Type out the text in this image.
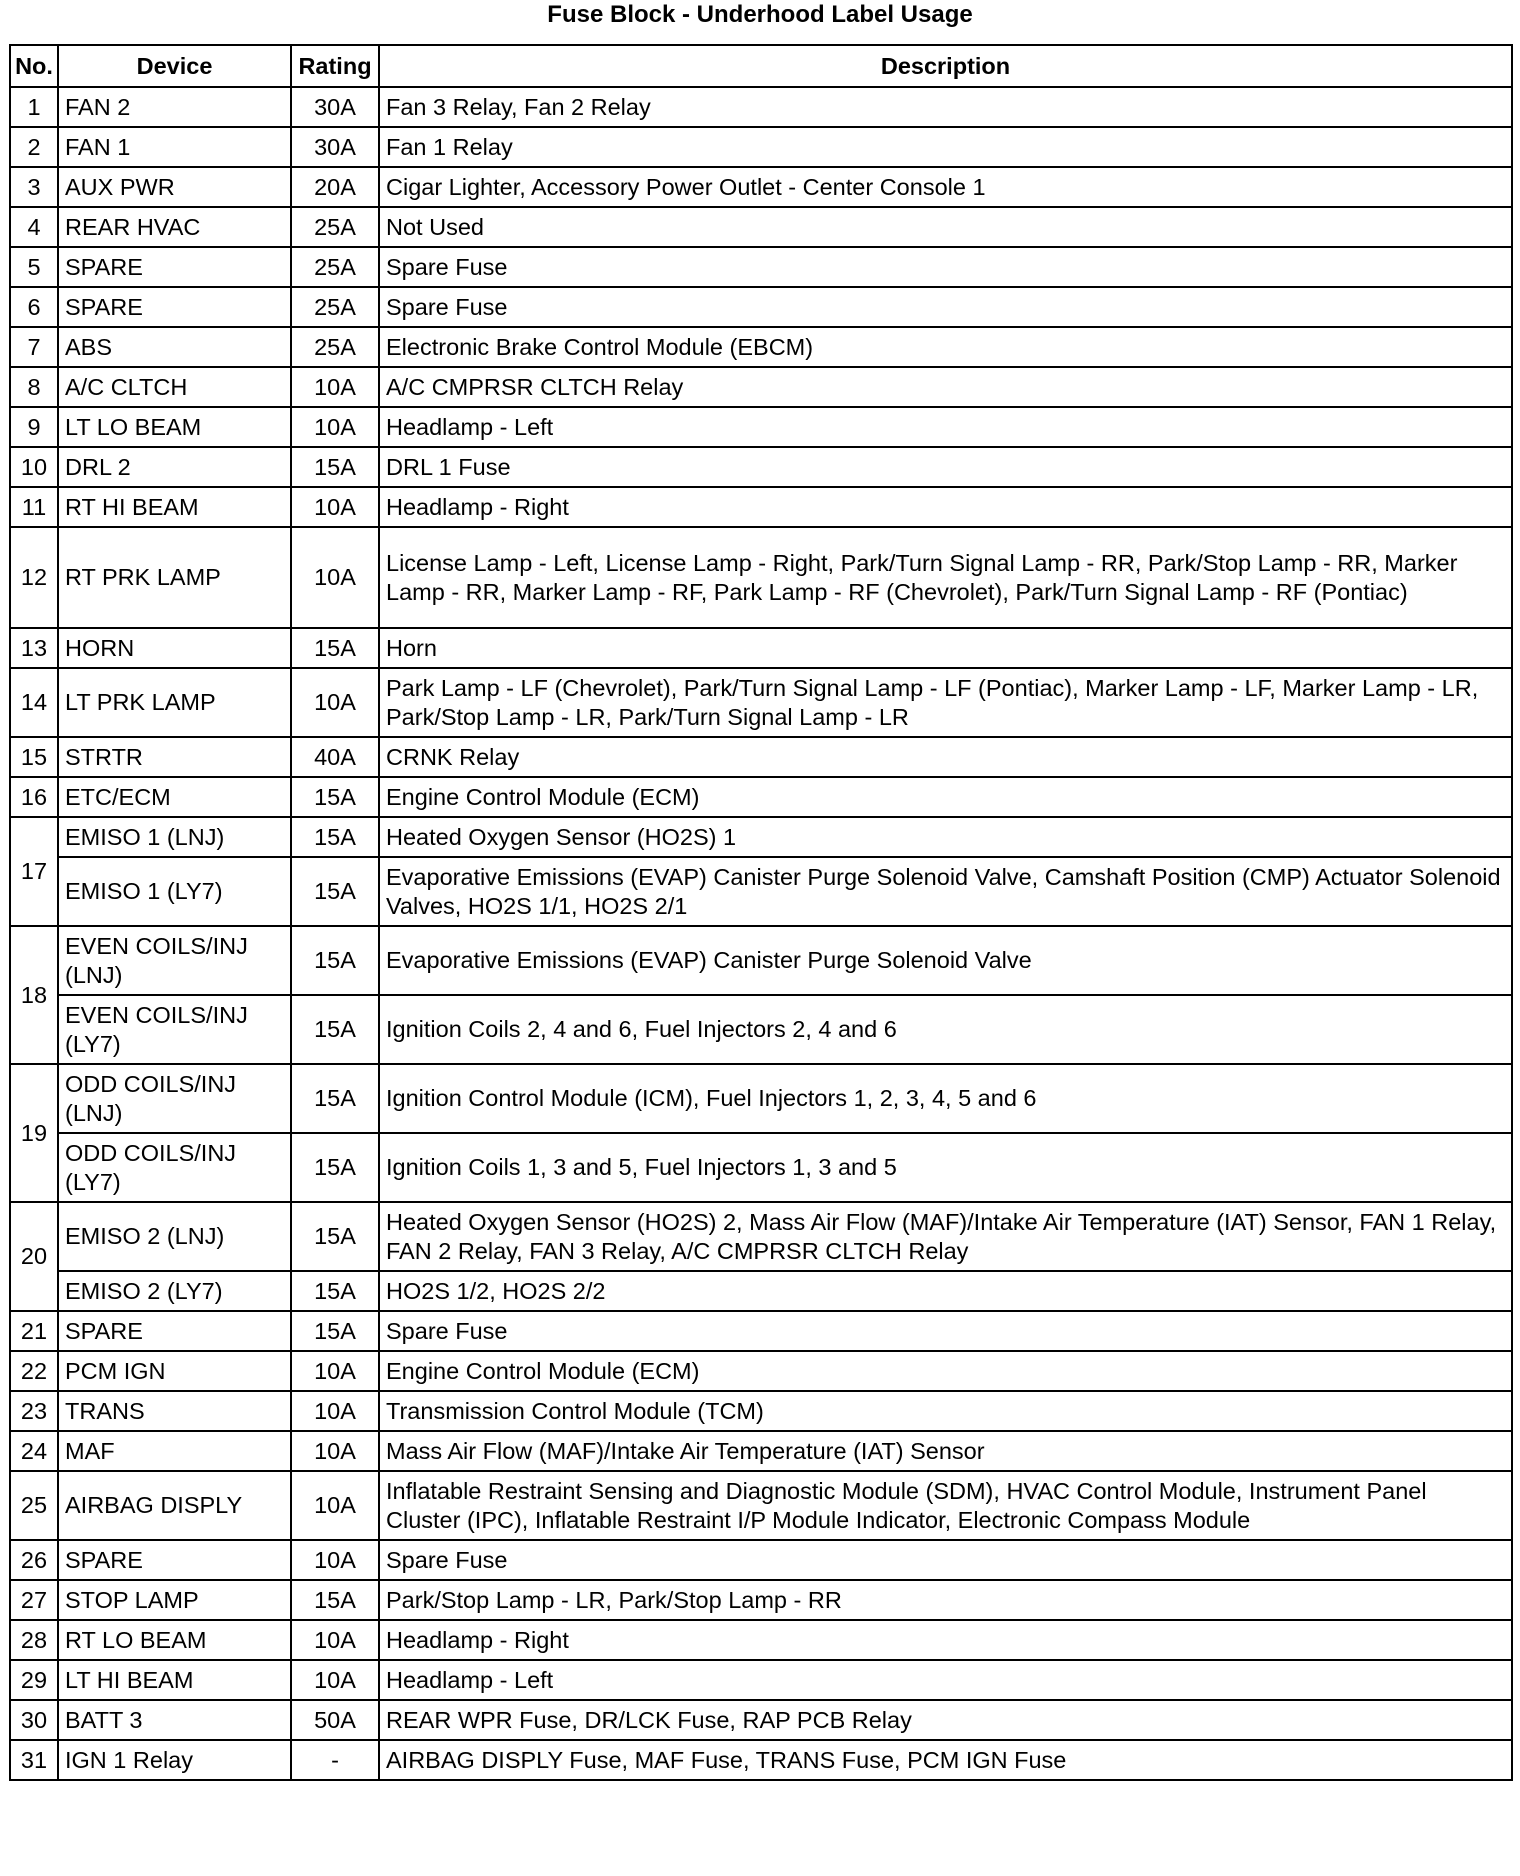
Fuse Block - Underhood Label Usage
No.	Device	Rating	Description
1	FAN 2	30A	Fan 3 Relay, Fan 2 Relay
2	FAN 1	30A	Fan 1 Relay
3	AUX PWR	20A	Cigar Lighter, Accessory Power Outlet - Center Console 1
4	REAR HVAC	25A	Not Used
5	SPARE	25A	Spare Fuse
6	SPARE	25A	Spare Fuse
7	ABS	25A	Electronic Brake Control Module (EBCM)
8	A/C CLTCH	10A	A/C CMPRSR CLTCH Relay
9	LT LO BEAM	10A	Headlamp - Left
10	DRL 2	15A	DRL 1 Fuse
11	RT HI BEAM	10A	Headlamp - Right
12	RT PRK LAMP	10A	License Lamp - Left, License Lamp - Right, Park/Turn Signal Lamp - RR, Park/Stop Lamp - RR, Marker Lamp - RR, Marker Lamp - RF, Park Lamp - RF (Chevrolet), Park/Turn Signal Lamp - RF (Pontiac)
13	HORN	15A	Horn
14	LT PRK LAMP	10A	Park Lamp - LF (Chevrolet), Park/Turn Signal Lamp - LF (Pontiac), Marker Lamp - LF, Marker Lamp - LR, Park/Stop Lamp - LR, Park/Turn Signal Lamp - LR
15	STRTR	40A	CRNK Relay
16	ETC/ECM	15A	Engine Control Module (ECM)
17	EMISO 1 (LNJ)	15A	Heated Oxygen Sensor (HO2S) 1
	EMISO 1 (LY7)	15A	Evaporative Emissions (EVAP) Canister Purge Solenoid Valve, Camshaft Position (CMP) Actuator Solenoid Valves, HO2S 1/1, HO2S 2/1
18	EVEN COILS/INJ (LNJ)	15A	Evaporative Emissions (EVAP) Canister Purge Solenoid Valve
	EVEN COILS/INJ (LY7)	15A	Ignition Coils 2, 4 and 6, Fuel Injectors 2, 4 and 6
19	ODD COILS/INJ (LNJ)	15A	Ignition Control Module (ICM), Fuel Injectors 1, 2, 3, 4, 5 and 6
	ODD COILS/INJ (LY7)	15A	Ignition Coils 1, 3 and 5, Fuel Injectors 1, 3 and 5
20	EMISO 2 (LNJ)	15A	Heated Oxygen Sensor (HO2S) 2, Mass Air Flow (MAF)/Intake Air Temperature (IAT) Sensor, FAN 1 Relay, FAN 2 Relay, FAN 3 Relay, A/C CMPRSR CLTCH Relay
	EMISO 2 (LY7)	15A	HO2S 1/2, HO2S 2/2
21	SPARE	15A	Spare Fuse
22	PCM IGN	10A	Engine Control Module (ECM)
23	TRANS	10A	Transmission Control Module (TCM)
24	MAF	10A	Mass Air Flow (MAF)/Intake Air Temperature (IAT) Sensor
25	AIRBAG DISPLY	10A	Inflatable Restraint Sensing and Diagnostic Module (SDM), HVAC Control Module, Instrument Panel Cluster (IPC), Inflatable Restraint I/P Module Indicator, Electronic Compass Module
26	SPARE	10A	Spare Fuse
27	STOP LAMP	15A	Park/Stop Lamp - LR, Park/Stop Lamp - RR
28	RT LO BEAM	10A	Headlamp - Right
29	LT HI BEAM	10A	Headlamp - Left
30	BATT 3	50A	REAR WPR Fuse, DR/LCK Fuse, RAP PCB Relay
31	IGN 1 Relay	-	AIRBAG DISPLY Fuse, MAF Fuse, TRANS Fuse, PCM IGN Fuse
